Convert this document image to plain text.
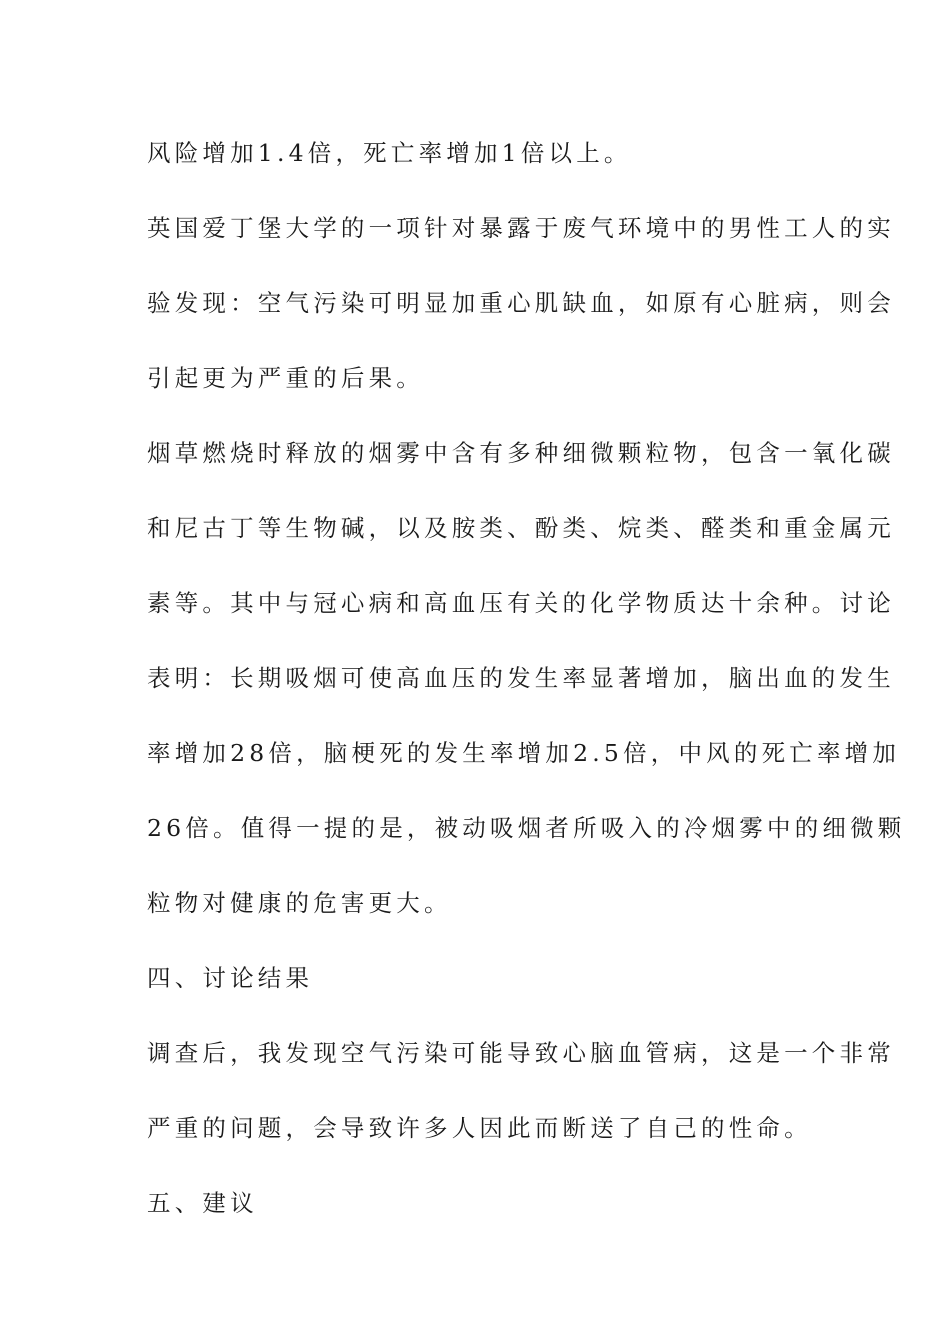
风险增加1.4倍，死亡率增加1倍以上。
英国爱丁堡大学的一项针对暴露于废气环境中的男性工人的实
验发现：空气污染可明显加重心肌缺血，如原有心脏病，则会
引起更为严重的后果。
烟草燃烧时释放的烟雾中含有多种细微颗粒物，包含一氧化碳
和尼古丁等生物碱，以及胺类、酚类、烷类、醛类和重金属元
素等。其中与冠心病和高血压有关的化学物质达十余种。讨论
表明：长期吸烟可使高血压的发生率显著增加，脑出血的发生
率增加28倍，脑梗死的发生率增加2.5倍，中风的死亡率增加
26倍。值得一提的是，被动吸烟者所吸入的冷烟雾中的细微颗
粒物对健康的危害更大。
四、讨论结果
调查后，我发现空气污染可能导致心脑血管病，这是一个非常
严重的问题，会导致许多人因此而断送了自己的性命。
五、建议
